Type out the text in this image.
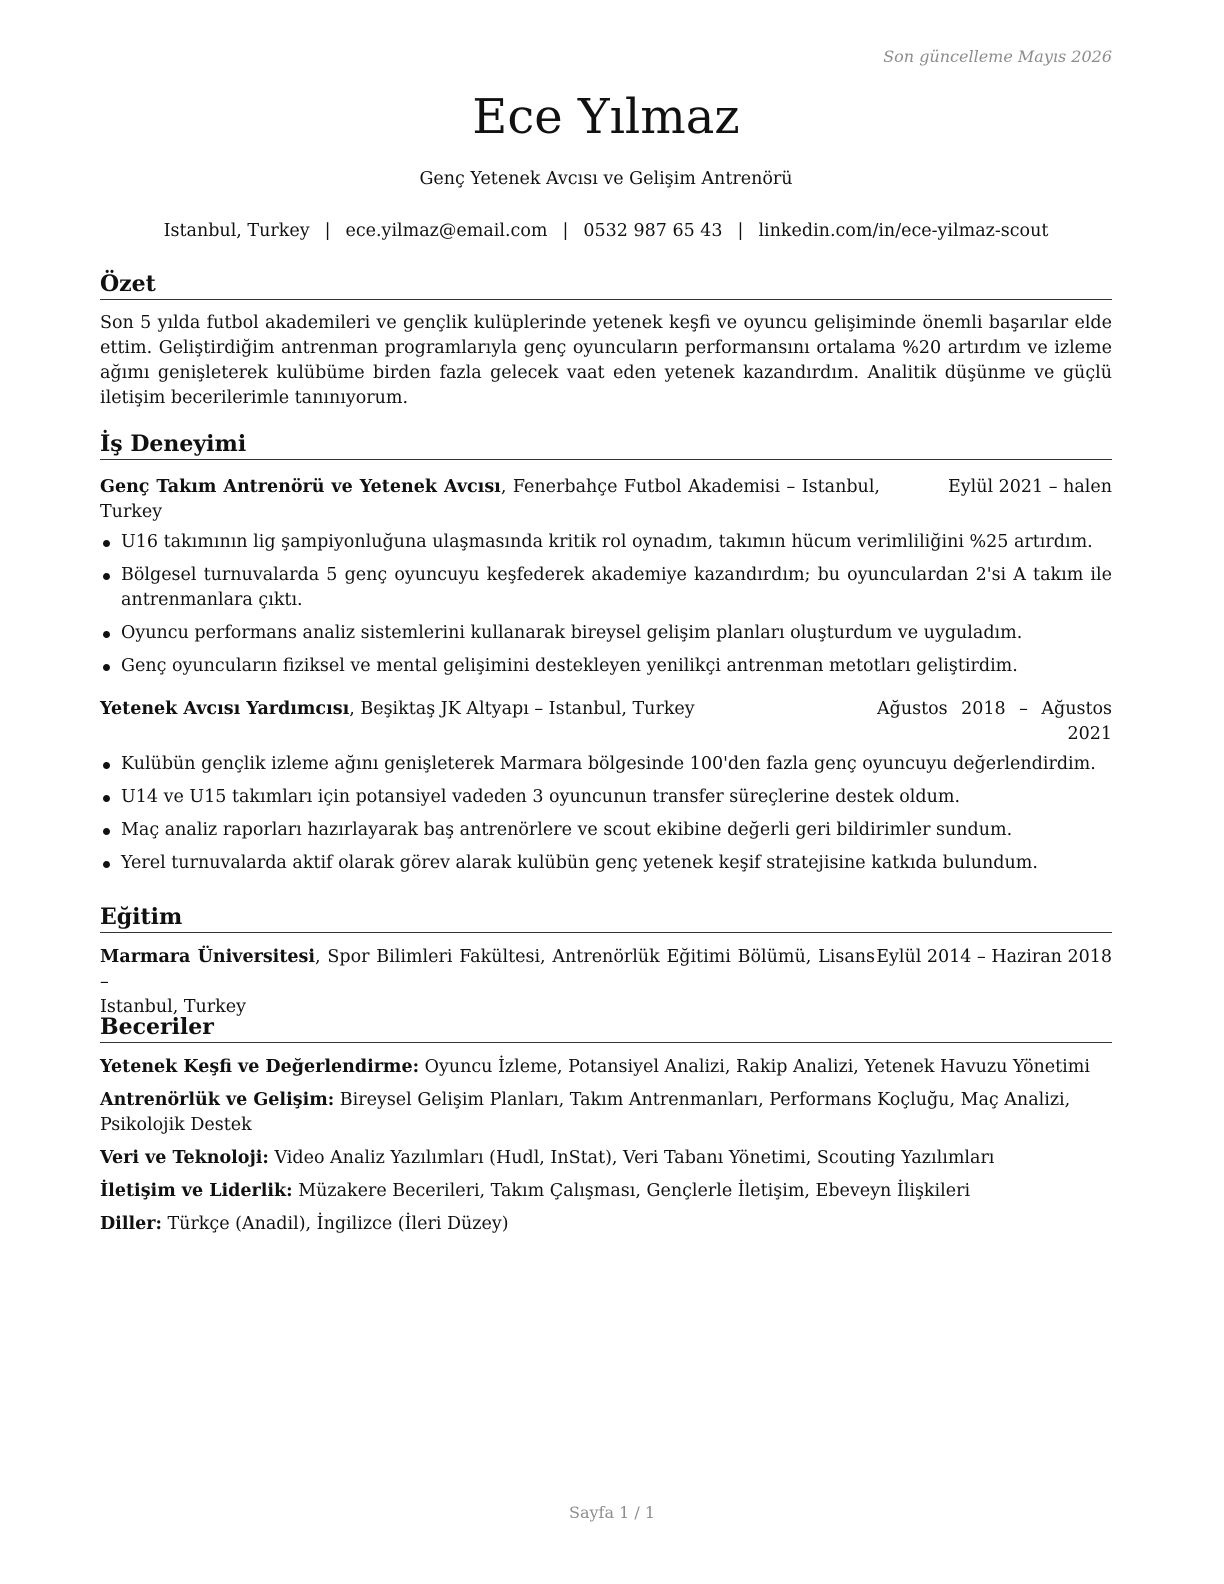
Son güncelleme Mayıs 2026
Ece Yılmaz
Genç Yetenek Avcısı ve Gelişim Antrenörü
Istanbul, Turkey | ece.yilmaz@email.com | 0532 987 65 43 | linkedin.com/in/ece-yilmaz-scout
Özet

Son 5 yılda futbol akademileri ve gençlik kulüplerinde yetenek keşfi ve oyuncu gelişiminde önemli başarılar elde ettim. Geliştirdiğim antrenman programlarıyla genç oyuncuların performansını ortalama %20 artırdım ve izleme ağımı genişleterek kulübüme birden fazla gelecek vaat eden yetenek kazandırdım. Analitik düşünme ve güçlü iletişim becerilerimle tanınıyorum.

İş Deneyimi
Genç Takım Antrenörü ve Yetenek Avcısı, Fenerbahçe Futbol Akademisi – Istanbul, Turkey
Eylül 2021 – halen
U16 takımının lig şampiyonluğuna ulaşmasında kritik rol oynadım, takımın hücum verimliliğini %25 artırdım.
Bölgesel turnuvalarda 5 genç oyuncuyu keşfederek akademiye kazandırdım; bu oyunculardan 2'si A takım ile antrenmanlara çıktı.
Oyuncu performans analiz sistemlerini kullanarak bireysel gelişim planları oluşturdum ve uyguladım.
Genç oyuncuların fiziksel ve mental gelişimini destekleyen yenilikçi antrenman metotları geliştirdim.
Yetenek Avcısı Yardımcısı, Beşiktaş JK Altyapı – Istanbul, Turkey	Ağustos 2018 – Ağustos 2021
Kulübün gençlik izleme ağını genişleterek Marmara bölgesinde 100'den fazla genç oyuncuyu değerlendirdim.
U14 ve U15 takımları için potansiyel vadeden 3 oyuncunun transfer süreçlerine destek oldum.
Maç analiz raporları hazırlayarak baş antrenörlere ve scout ekibine değerli geri bildirimler sundum.
Yerel turnuvalarda aktif olarak görev alarak kulübün genç yetenek keşif stratejisine katkıda bulundum.
Eğitim
Marmara Üniversitesi, Spor Bilimleri Fakültesi, Antrenörlük Eğitimi Bölümü, Lisans –
Istanbul, Turkey
Eylül 2014 – Haziran 2018
Beceriler
Yetenek Keşfi ve Değerlendirme: Oyuncu İzleme, Potansiyel Analizi, Rakip Analizi, Yetenek Havuzu Yönetimi
Antrenörlük ve Gelişim: Bireysel Gelişim Planları, Takım Antrenmanları, Performans Koçluğu, Maç Analizi, Psikolojik Destek
Veri ve Teknoloji: Video Analiz Yazılımları (Hudl, InStat), Veri Tabanı Yönetimi, Scouting Yazılımları
İletişim ve Liderlik: Müzakere Becerileri, Takım Çalışması, Gençlerle İletişim, Ebeveyn İlişkileri
Diller: Türkçe (Anadil), İngilizce (İleri Düzey)
Sayfa 1 / 1
